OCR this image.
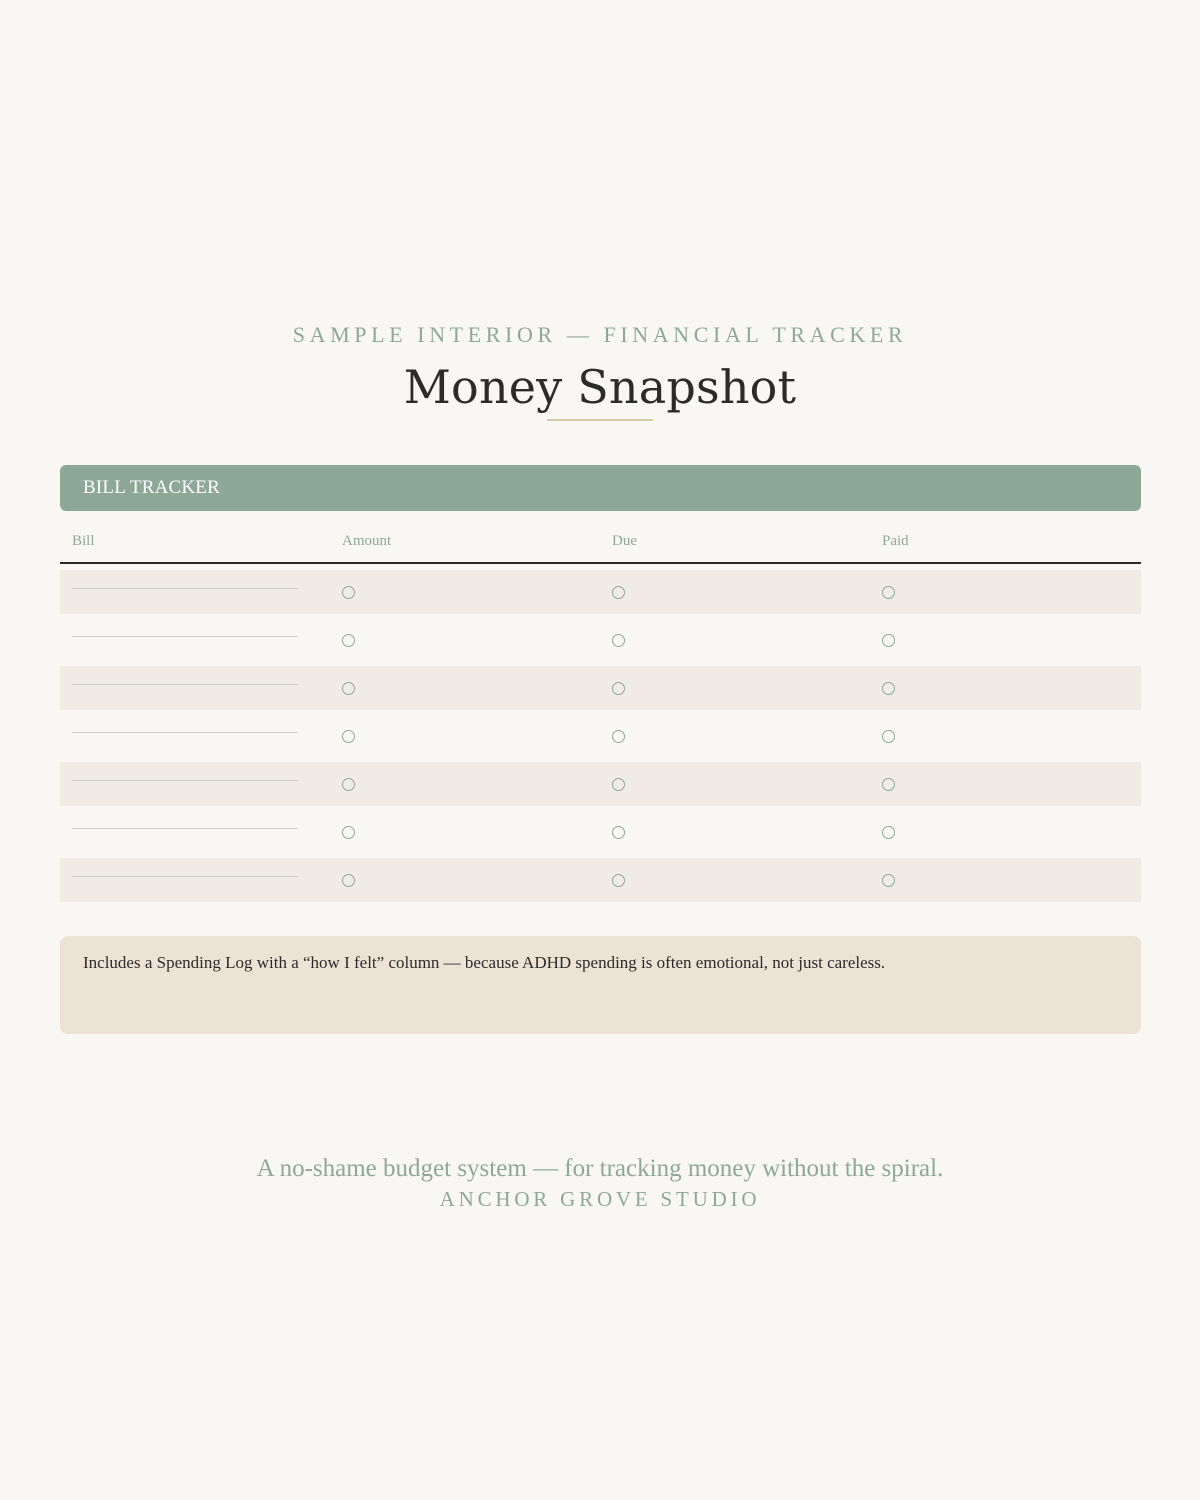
SAMPLE INTERIOR — FINANCIAL TRACKER
Money Snapshot
BILL TRACKER
Bill	Amount	Due	Paid
Includes a Spending Log with a “how I felt” column — because ADHD spending is often emotional, not just careless.
A no-shame budget system — for tracking money without the spiral.
ANCHOR GROVE STUDIO
